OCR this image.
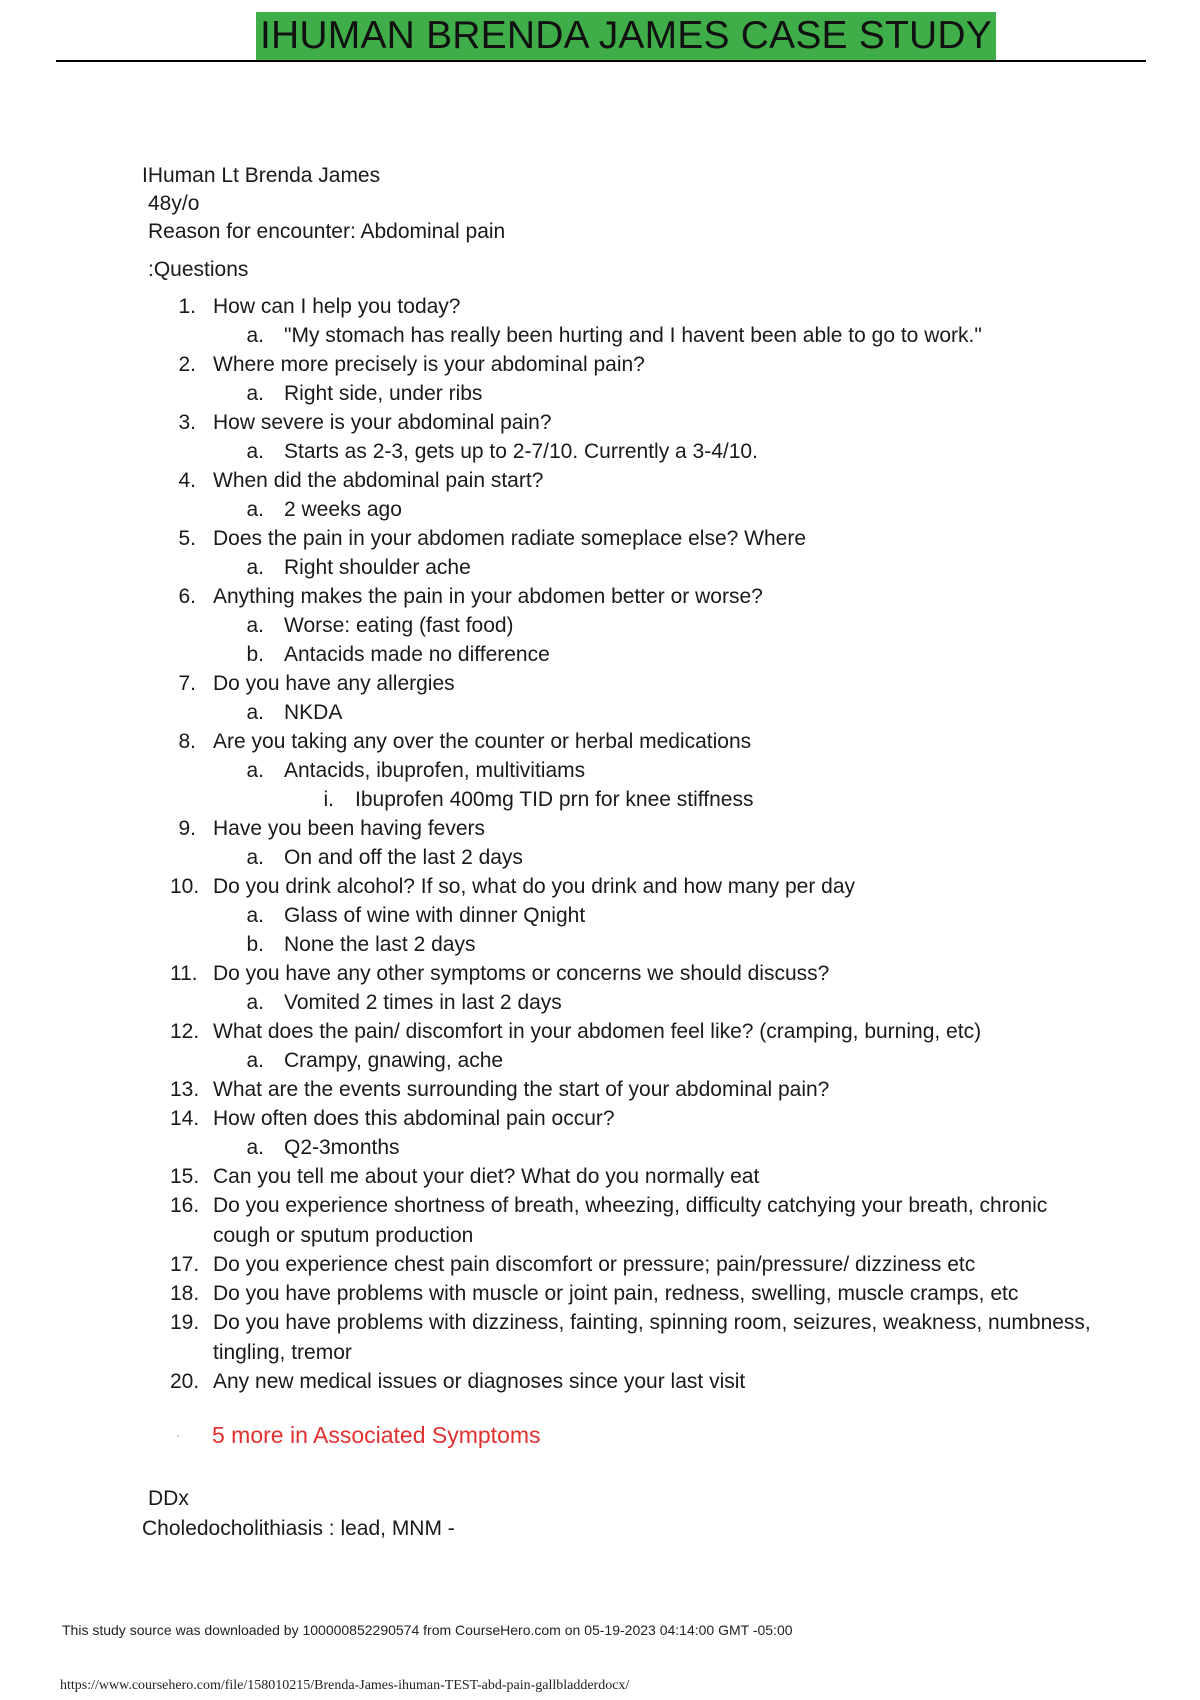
IHUMAN BRENDA JAMES CASE STUDY
IHuman Lt Brenda James
48y/o
Reason for encounter: Abdominal pain
:Questions
1. How can I help you today?
a. "My stomach has really been hurting and I havent been able to go to work."
2. Where more precisely is your abdominal pain?
a. Right side, under ribs
3. How severe is your abdominal pain?
a. Starts as 2-3, gets up to 2-7/10. Currently a 3-4/10.
4. When did the abdominal pain start?
a. 2 weeks ago
5. Does the pain in your abdomen radiate someplace else? Where
a. Right shoulder ache
6. Anything makes the pain in your abdomen better or worse?
a. Worse: eating (fast food)
b. Antacids made no difference
7. Do you have any allergies
a. NKDA
8. Are you taking any over the counter or herbal medications
a. Antacids, ibuprofen, multivitiams
i. Ibuprofen 400mg TID prn for knee stiffness
9. Have you been having fevers
a. On and off the last 2 days
10. Do you drink alcohol? If so, what do you drink and how many per day
a. Glass of wine with dinner Qnight
b. None the last 2 days
11. Do you have any other symptoms or concerns we should discuss?
a. Vomited 2 times in last 2 days
12. What does the pain/ discomfort in your abdomen feel like? (cramping, burning, etc)
a. Crampy, gnawing, ache
13. What are the events surrounding the start of your abdominal pain?
14. How often does this abdominal pain occur?
a. Q2-3months
15. Can you tell me about your diet? What do you normally eat
16. Do you experience shortness of breath, wheezing, difficulty catchying your breath, chronic cough or sputum production
17. Do you experience chest pain discomfort or pressure; pain/pressure/ dizziness etc
18. Do you have problems with muscle or joint pain, redness, swelling, muscle cramps, etc
19. Do you have problems with dizziness, fainting, spinning room, seizures, weakness, numbness, tingling, tremor
20. Any new medical issues or diagnoses since your last visit
· 5 more in Associated Symptoms
DDx
Choledocholithiasis : lead, MNM -
This study source was downloaded by 100000852290574 from CourseHero.com on 05-19-2023 04:14:00 GMT -05:00
https://www.coursehero.com/file/158010215/Brenda-James-ihuman-TEST-abd-pain-gallbladderdocx/
